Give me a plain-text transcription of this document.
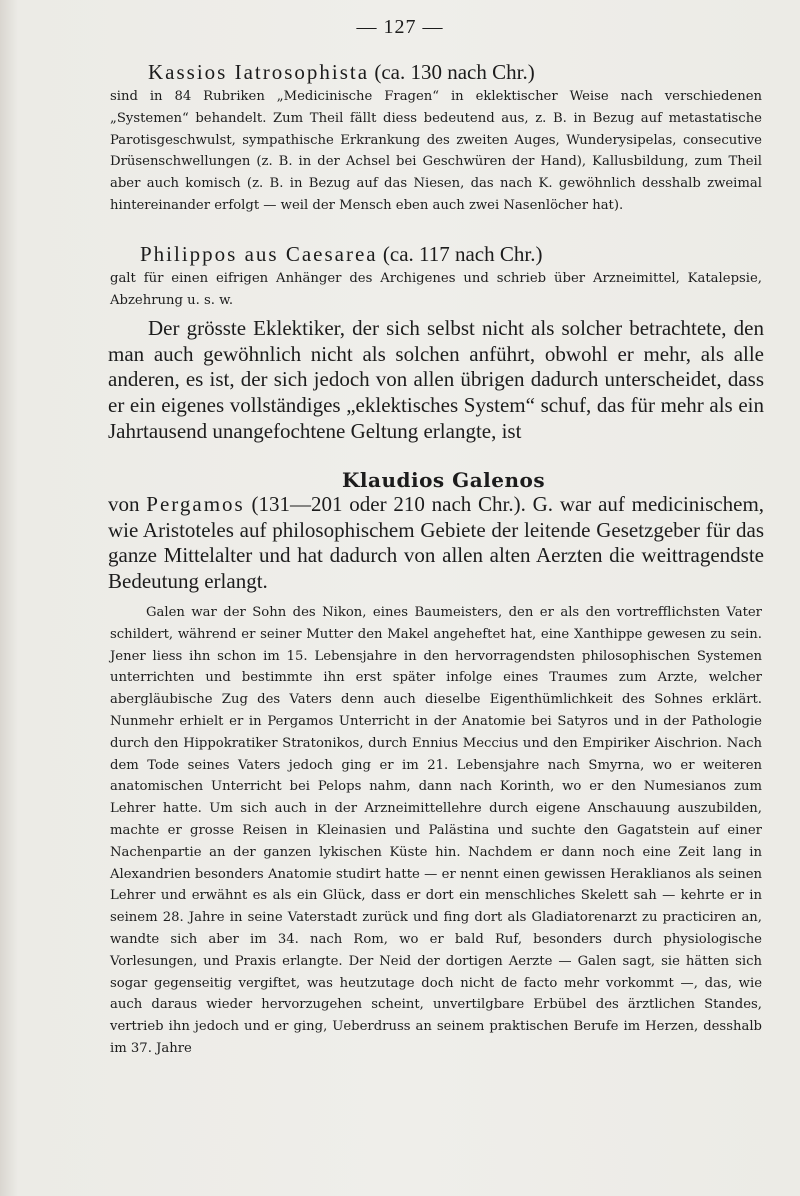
— 127 —
Kassios Iatrosophista (ca. 130 nach Chr.)

sind in 84 Rubriken „Medicinische Fragen“ in eklektischer Weise nach verschiedenen „Systemen“ behandelt. Zum Theil fällt diess bedeutend aus, z. B. in Bezug auf metastatische Parotisgeschwulst, sympathische Erkrankung des zweiten Auges, Wunderysipelas, consecutive Drüsenschwellungen (z. B. in der Achsel bei Geschwüren der Hand), Kallusbildung, zum Theil aber auch komisch (z. B. in Bezug auf das Niesen, das nach K. gewöhnlich desshalb zweimal hintereinander erfolgt — weil der Mensch eben auch zwei Nasenlöcher hat).

Philippos aus Caesarea (ca. 117 nach Chr.)

galt für einen eifrigen Anhänger des Archigenes und schrieb über Arzneimittel, Katalepsie, Abzehrung u. s. w.

Der grösste Eklektiker, der sich selbst nicht als solcher betrachtete, den man auch gewöhnlich nicht als solchen anführt, obwohl er mehr, als alle anderen, es ist, der sich jedoch von allen übrigen dadurch unterscheidet, dass er ein eigenes vollständiges „eklektisches System“ schuf, das für mehr als ein Jahrtausend unangefochtene Geltung erlangte, ist

Klaudios Galenos

von Pergamos (131—201 oder 210 nach Chr.). G. war auf medicinischem, wie Aristoteles auf philosophischem Gebiete der leitende Gesetzgeber für das ganze Mittelalter und hat dadurch von allen alten Aerzten die weittragendste Bedeutung erlangt.

Galen war der Sohn des Nikon, eines Baumeisters, den er als den vortrefflichsten Vater schildert, während er seiner Mutter den Makel angeheftet hat, eine Xanthippe gewesen zu sein. Jener liess ihn schon im 15. Lebensjahre in den hervorragendsten philosophischen Systemen unterrichten und bestimmte ihn erst später infolge eines Traumes zum Arzte, welcher abergläubische Zug des Vaters denn auch dieselbe Eigenthümlichkeit des Sohnes erklärt. Nunmehr erhielt er in Pergamos Unterricht in der Anatomie bei Satyros und in der Pathologie durch den Hippokratiker Stratonikos, durch Ennius Meccius und den Empiriker Aischrion. Nach dem Tode seines Vaters jedoch ging er im 21. Lebensjahre nach Smyrna, wo er weiteren anatomischen Unterricht bei Pelops nahm, dann nach Korinth, wo er den Numesianos zum Lehrer hatte. Um sich auch in der Arzneimittellehre durch eigene Anschauung auszubilden, machte er grosse Reisen in Kleinasien und Palästina und suchte den Gagatstein auf einer Nachenpartie an der ganzen lykischen Küste hin. Nachdem er dann noch eine Zeit lang in Alexandrien besonders Anatomie studirt hatte — er nennt einen gewissen Heraklianos als seinen Lehrer und erwähnt es als ein Glück, dass er dort ein menschliches Skelett sah — kehrte er in seinem 28. Jahre in seine Vaterstadt zurück und fing dort als Gladiatorenarzt zu practiciren an, wandte sich aber im 34. nach Rom, wo er bald Ruf, besonders durch physiologische Vorlesungen, und Praxis erlangte. Der Neid der dortigen Aerzte — Galen sagt, sie hätten sich sogar gegenseitig vergiftet, was heutzutage doch nicht de facto mehr vorkommt —, das, wie auch daraus wieder hervorzugehen scheint, unvertilgbare Erbübel des ärztlichen Standes, vertrieb ihn jedoch und er ging, Ueberdruss an seinem praktischen Berufe im Herzen, desshalb im 37. Jahre
